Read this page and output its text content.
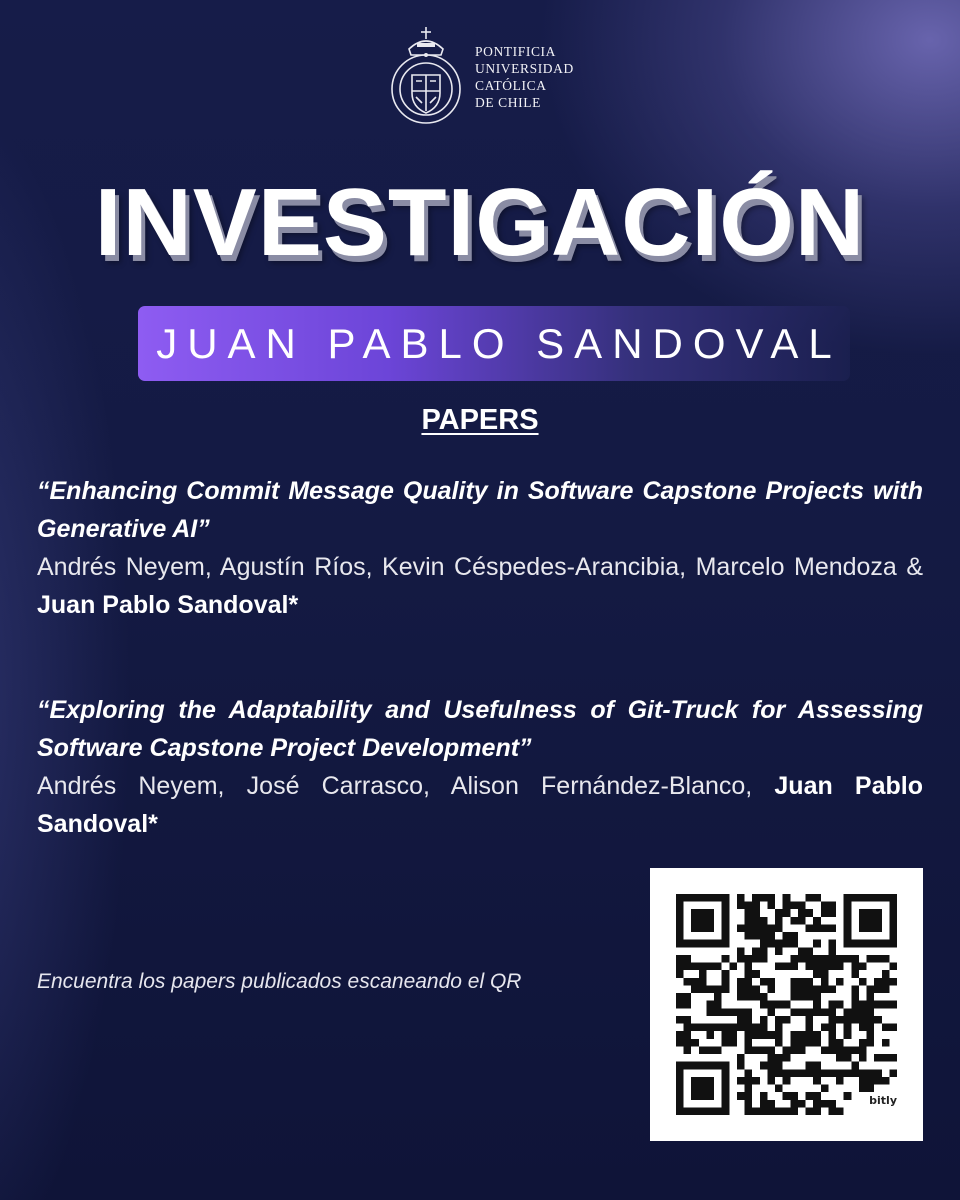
PONTIFICIA
UNIVERSIDAD
CATÓLICA
DE CHILE
INVESTIGACIÓN
JUAN PABLO SANDOVAL
PAPERS
“Enhancing Commit Message Quality in Software Capstone Projects with Generative AI”
Andrés Neyem, Agustín Ríos, Kevin Céspedes-Arancibia, Marcelo Mendoza & Juan Pablo Sandoval*
“Exploring the Adaptability and Usefulness of Git-Truck for Assessing Software Capstone Project Development”
Andrés Neyem, José Carrasco, Alison Fernández-Blanco, Juan Pablo Sandoval*
Encuentra los papers publicados escaneando el QR
bitly
